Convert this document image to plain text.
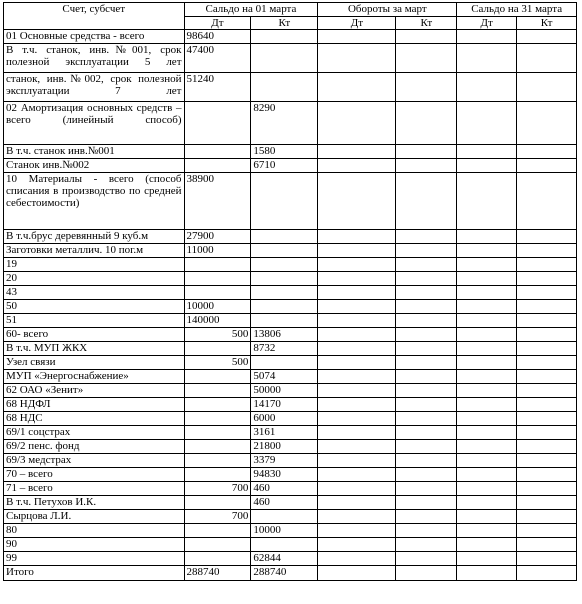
Счет, субсчет	Сальдо на 01 марта		Обороты за март		Сальдо на 31 марта	
	Дт	Кт	Дт	Кт	Дт	Кт
01 Основные средства - всего	98640					
В т.ч. станок, инв.№001, срок полезной эксплуатации 5 лет	47400					
станок, инв.№002, срок полезной эксплуатации 7 лет	51240					
02 Амортизация основных средств – всего (линейный способ)		8290				
В т.ч. станок инв.№001		1580				
Станок инв.№002		6710				
10 Материалы - всего (способ списания в производство по средней себестоимости)	38900					
В т.ч.брус деревянный 9 куб.м	27900					
Заготовки металлич. 10 пог.м	11000					
19						
20						
43						
50	10000					
51	140000					
60- всего	500	13806				
В т.ч. МУП ЖКХ		8732				
Узел связи	500					
МУП «Энергоснабжение»		5074				
62 ОАО «Зенит»		50000				
68 НДФЛ		14170				
68 НДС		6000				
69/1 соцстрах		3161				
69/2 пенс. фонд		21800				
69/3 медстрах		3379				
70 – всего		94830				
71 – всего	700	460				
В т.ч. Петухов И.К.		460				
Сырцова Л.И.	700					
80		10000				
90						
99		62844				
Итого	288740	288740				
